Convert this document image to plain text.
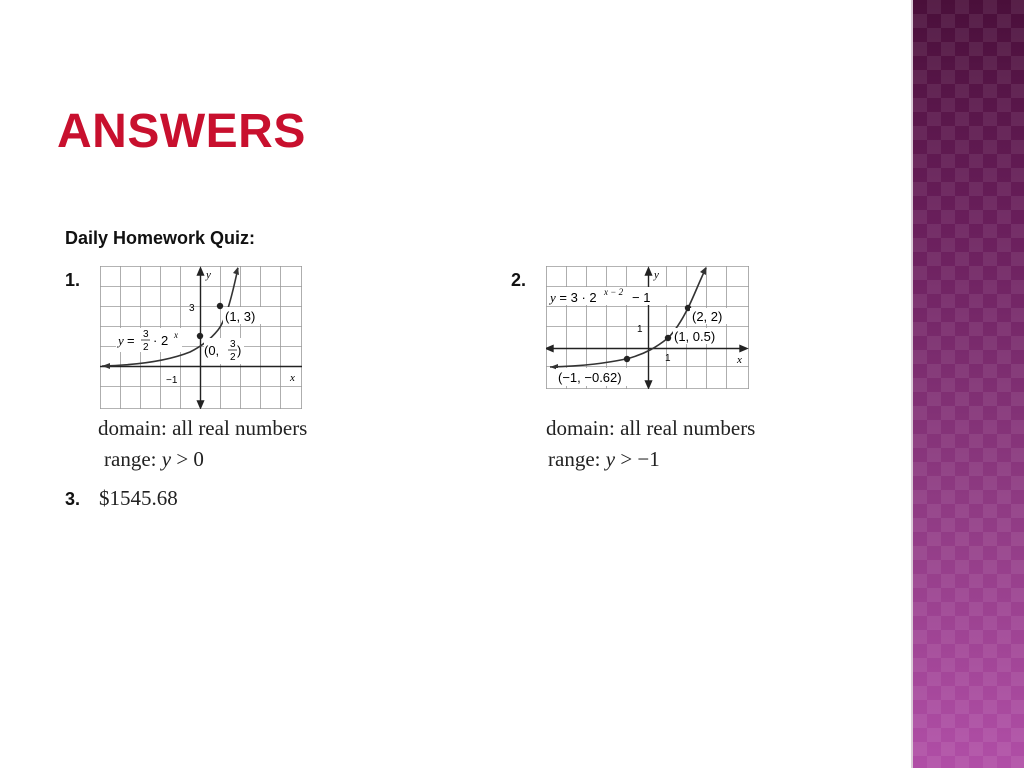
ANSWERS
Daily Homework Quiz:
1.	2.
3.
y
x
3
−1
(1, 3)
y = 3
2 · 2 x
(0, 3
2 )
y
x
1
1
y = 3 · 2 x − 2 − 1
(2, 2)
(1, 0.5)
(−1, −0.62)
domain: all real numbers
range: y > 0
domain: all real numbers
range: y > −1
$1545.68
